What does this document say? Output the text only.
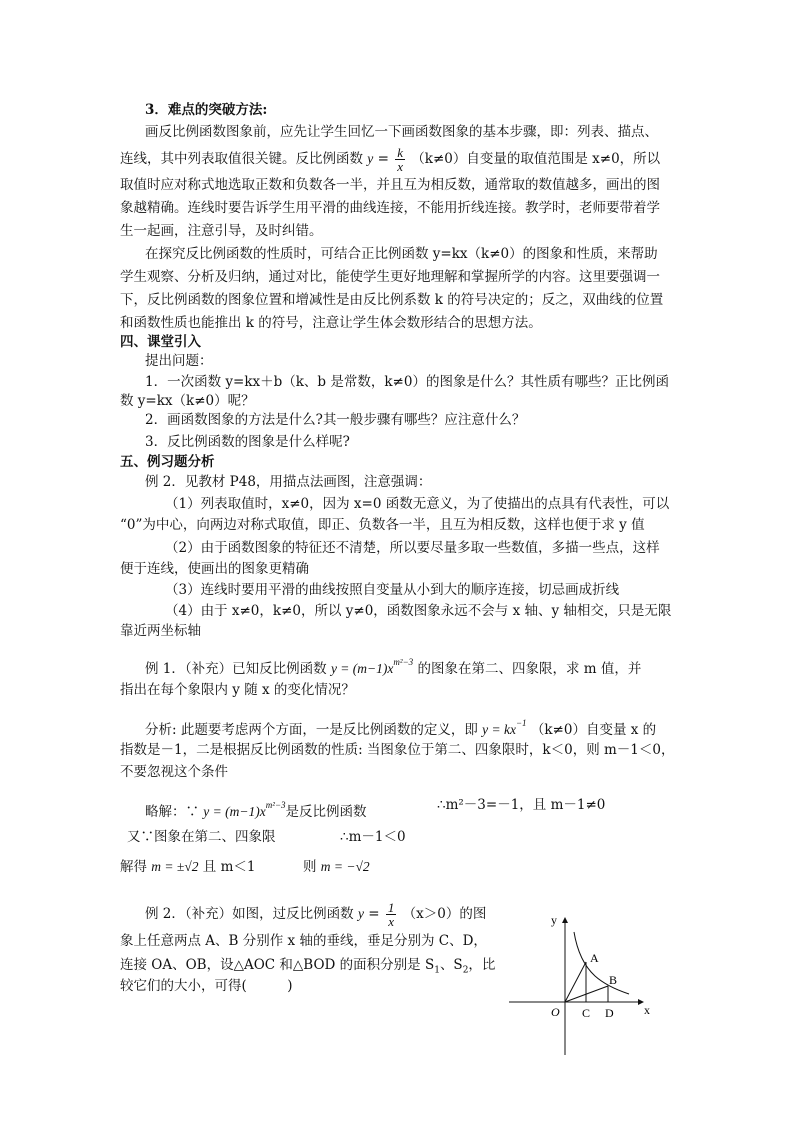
3．难点的突破方法:
画反比例函数图象前，应先让学生回忆一下画函数图象的基本步骤，即：列表、描点、
连线，其中列表取值很关键。反比例函数 $y = \frac{k}{x} (k\ne 0)$自变量的取值范围是 x≠0，所以
取值时应对称式地选取正数和负数各一半，并且互为相反数，通常取的数值越多，画出的图
象越精确。连线时要告诉学生用平滑的曲线连接，不能用折线连接。教学时，老师要带着学
生一起画，注意引导，及时纠错。
在探究反比例函数的性质时，可结合正比例函数 y=kx（k≠0）的图象和性质，来帮助
学生观察、分析及归纳，通过对比，能使学生更好地理解和掌握所学的内容。这里要强调一
下，反比例函数的图象位置和增减性是由反比例系数 k 的符号决定的；反之，双曲线的位置
和函数性质也能推出 k 的符号，注意让学生体会数形结合的思想方法。
四、课堂引入
提出问题：
1．一次函数 y=kx＋b（k、b 是常数，k≠0）的图象是什么？其性质有哪些？正比例函
数 y=kx（k≠0）呢？
2．画函数图象的方法是什么?其一般步骤有哪些？应注意什么？
3．反比例函数的图象是什么样呢?
五、例习题分析
例 2．见教材 P48，用描点法画图，注意强调：
（1）列表取值时，x≠0，因为 x=0 函数无意义，为了使描出的点具有代表性，可以
“0”为中心，向两边对称式取值，即正、负数各一半，且互为相反数，这样也便于求 y 值
（2）由于函数图象的特征还不清楚，所以要尽量多取一些数值，多描一些点，这样
便于连线，使画出的图象更精确
（3）连线时要用平滑的曲线按照自变量从小到大的顺序连接，切忌画成折线
（4）由于 x≠0，k≠0，所以 y≠0，函数图象永远不会与 x 轴、y 轴相交，只是无限
靠近两坐标轴
例 1．（补充）已知反比例函数 $y = (m-1)x^{m^2-3}$ 的图象在第二、四象限，求 m 值，并
指出在每个象限内 y 随 x 的变化情况？
分析: 此题要考虑两个方面，一是反比例函数的定义，即 $y = kx^{-1}$ （k≠0）自变量 x 的
指数是－1，二是根据反比例函数的性质: 当图象位于第二、四象限时，k＜0，则 m－1＜0，
不要忽视这个条件
略解：∵ $y = (m-1)x^{m^2-3}$是反比例函数	∴m²－3=－1，且 m－1≠0
又∵图象在第二、四象限	∴m－1＜0
解得 m = ±√2 且 m＜1	则 m = −√2
例 2．（补充）如图，过反比例函数 $y = \frac{1}{x} (x>0)$的图
象上任意两点 A、B 分别作 x 轴的垂线，垂足分别为 C、D，
连接 OA、OB，设△AOC 和△BOD 的面积分别是 $S_1$、$S_2$，比
较它们的大小，可得(　　　)
y
x
O
A
B
C D
